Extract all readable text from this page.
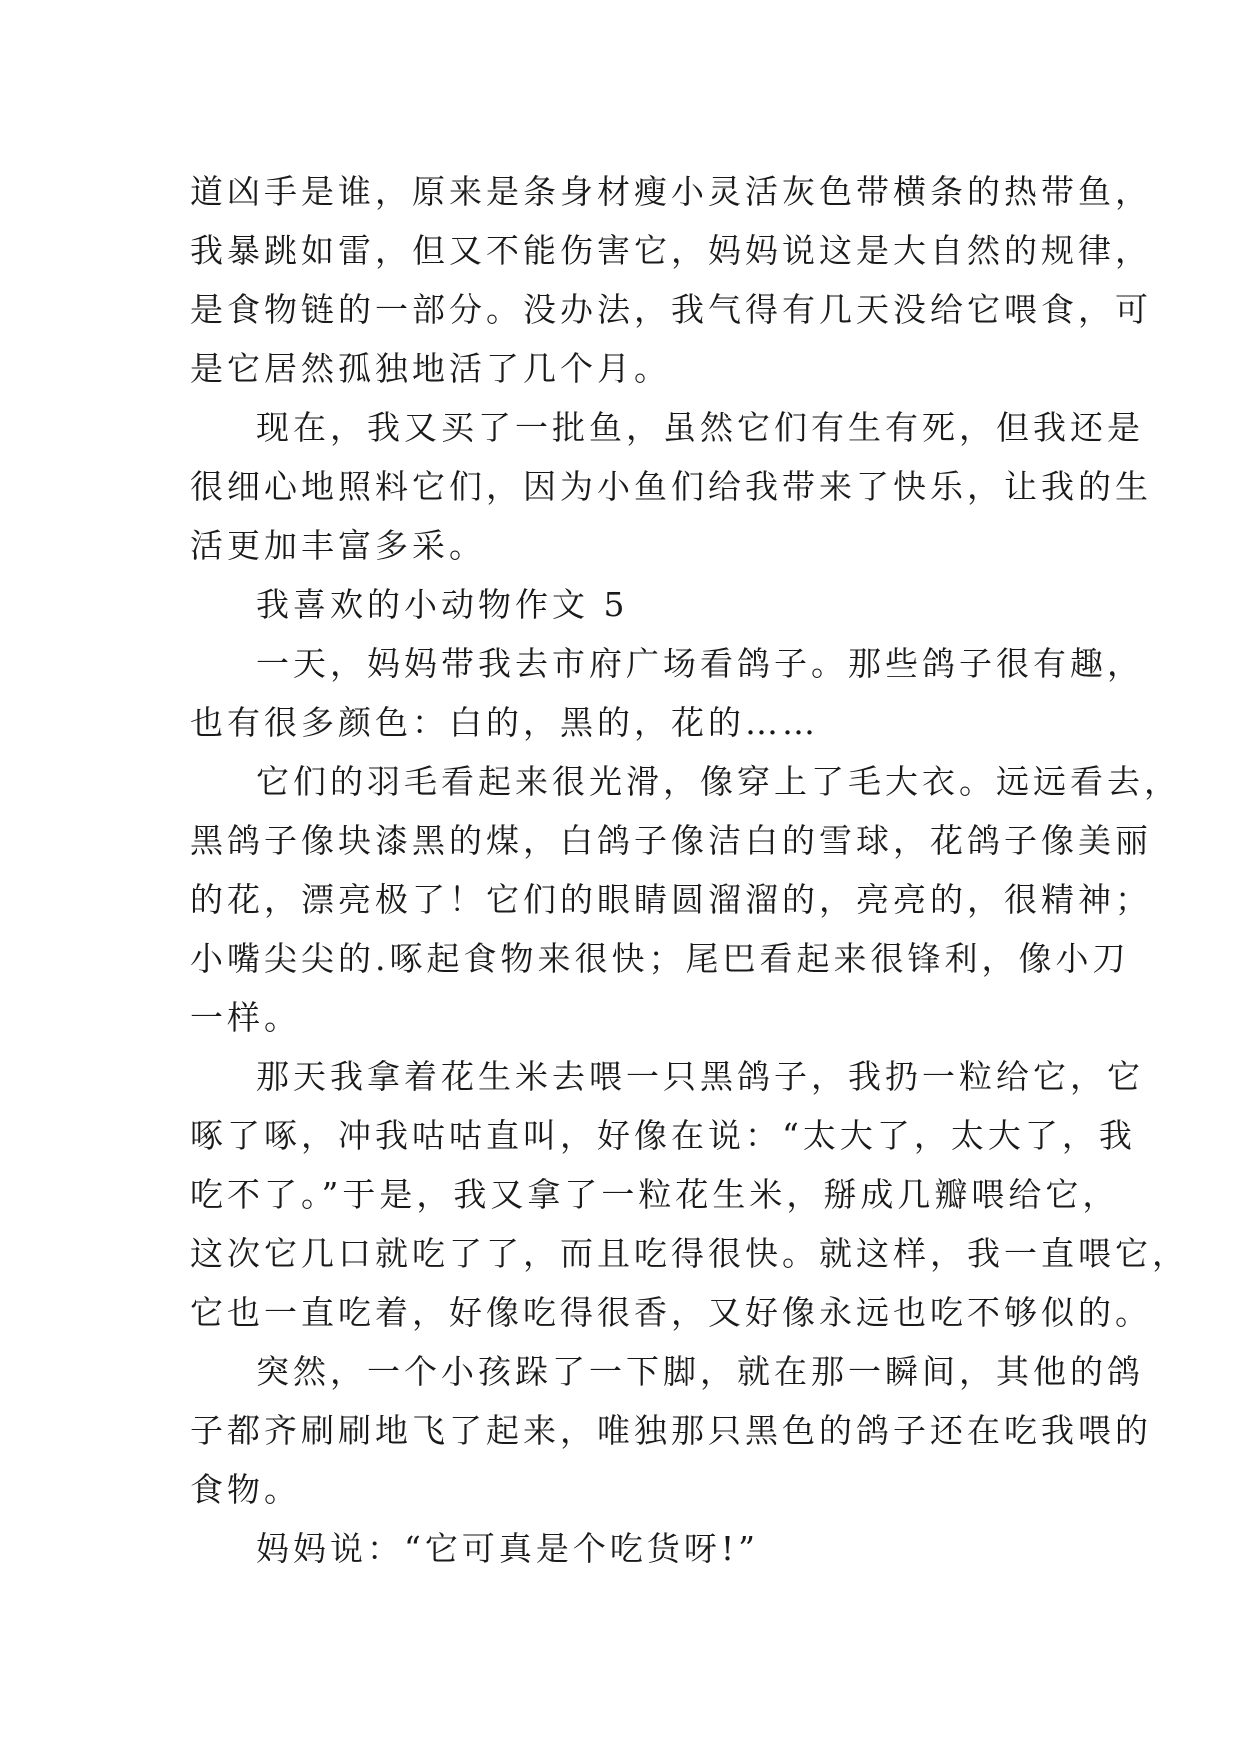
道凶手是谁，原来是条身材瘦小灵活灰色带横条的热带鱼，
我暴跳如雷，但又不能伤害它，妈妈说这是大自然的规律，
是食物链的一部分。没办法，我气得有几天没给它喂食，可
是它居然孤独地活了几个月。
现在，我又买了一批鱼，虽然它们有生有死，但我还是
很细心地照料它们，因为小鱼们给我带来了快乐，让我的生
活更加丰富多采。
我喜欢的小动物作文 5
一天，妈妈带我去市府广场看鸽子。那些鸽子很有趣，
也有很多颜色：白的，黑的，花的……
它们的羽毛看起来很光滑，像穿上了毛大衣。远远看去，
黑鸽子像块漆黑的煤，白鸽子像洁白的雪球，花鸽子像美丽
的花，漂亮极了！它们的眼睛圆溜溜的，亮亮的，很精神；
小嘴尖尖的.啄起食物来很快；尾巴看起来很锋利，像小刀
一样。
那天我拿着花生米去喂一只黑鸽子，我扔一粒给它，它
啄了啄，冲我咕咕直叫，好像在说：“太大了，太大了，我
吃不了。”于是，我又拿了一粒花生米，掰成几瓣喂给它，
这次它几口就吃了了，而且吃得很快。就这样，我一直喂它，
它也一直吃着，好像吃得很香，又好像永远也吃不够似的。
突然，一个小孩跺了一下脚，就在那一瞬间，其他的鸽
子都齐刷刷地飞了起来，唯独那只黑色的鸽子还在吃我喂的
食物。
妈妈说：“它可真是个吃货呀!”
